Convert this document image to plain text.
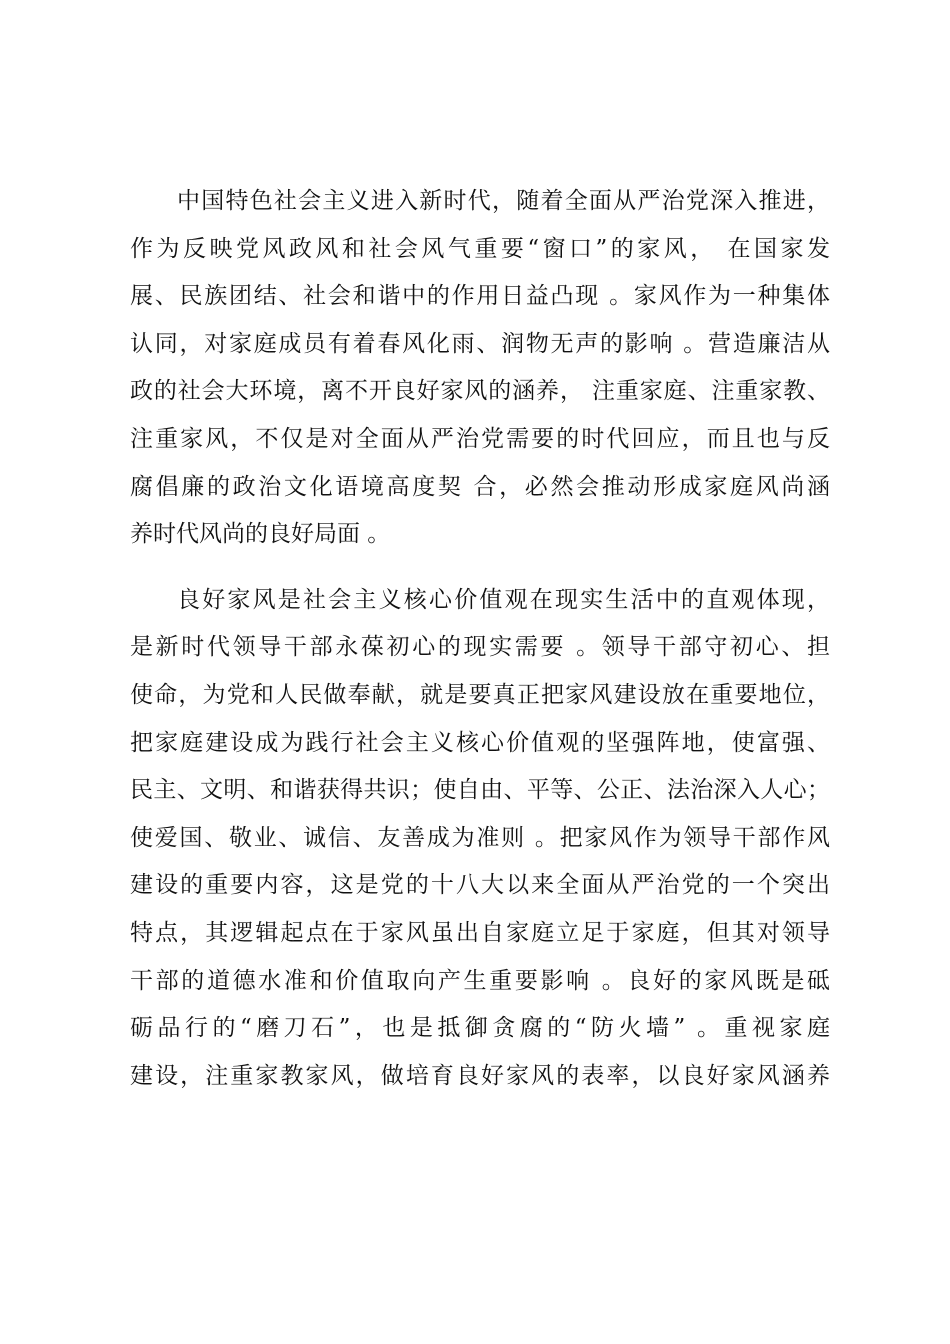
中国特色社会主义进入新时代，随着全面从严治党深入推进，
作为反映党风政风和社会风气重要“窗口”的家风， 在国家发
展、民族团结、社会和谐中的作用日益凸现 。家风作为一种集体
认同，对家庭成员有着春风化雨、润物无声的影响 。营造廉洁从
政的社会大环境，离不开良好家风的涵养， 注重家庭、注重家教、
注重家风，不仅是对全面从严治党需要的时代回应，而且也与反
腐倡廉的政治文化语境高度契 合，必然会推动形成家庭风尚涵
养时代风尚的良好局面 。

良好家风是社会主义核心价值观在现实生活中的直观体现，
是新时代领导干部永葆初心的现实需要 。领导干部守初心、担
使命，为党和人民做奉献，就是要真正把家风建设放在重要地位，
把家庭建设成为践行社会主义核心价值观的坚强阵地，使富强、
民主、文明、和谐获得共识；使自由、平等、公正、法治深入人心；
使爱国、敬业、诚信、友善成为准则 。把家风作为领导干部作风
建设的重要内容，这是党的十八大以来全面从严治党的一个突出
特点，其逻辑起点在于家风虽出自家庭立足于家庭，但其对领导
干部的道德水准和价值取向产生重要影响 。良好的家风既是砥
砺品行的“磨刀石”，也是抵御贪腐的“防火墙” 。重视家庭
建设，注重家教家风，做培育良好家风的表率，以良好家风涵养
